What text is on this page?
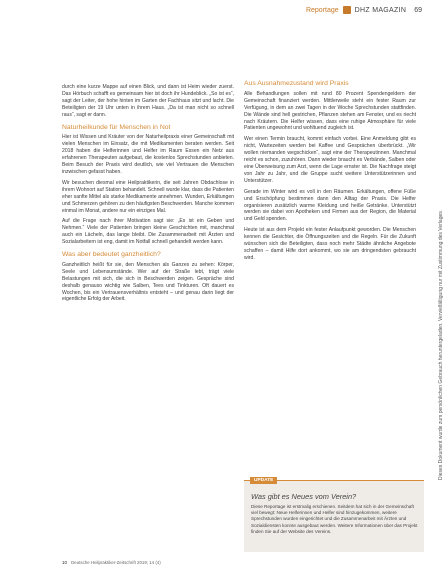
Reportage DHZ MAGAZIN 69
Dieses Dokument wurde zum persönlichen Gebrauch heruntergeladen. Vervielfältigung nur mit Zustimmung des Verlages.

durch eine kurze Mappe auf einen Blick, und dann ist Heim wieder zuerst. Das Hörbuch schafft es gemeinsam hier ist doch ihr Hundeblick. „So ist es“, sagt der Leiter, der hohe hinten im Garten der Fachhaus sitzt und lacht. Die Beteiligten der 19 Uhr unten in ihrem Haus. „Da ist man nicht so schnell raus“, sagt er dann.

Naturheilkunde für Menschen in Not

Hier ist Wissen und Kräuter von der Naturheilpraxis einer Gemeinschaft mit vielen Menschen im Einsatz, die mit Medikamenten beraten werden. Seit 2018 haben die Helferinnen und Helfer im Raum Essen ein Netz aus erfahrenen Therapeuten aufgebaut, die kostenlos Sprechstunden anbieten. Beim Besuch der Praxis wird deutlich, wie viel Vertrauen die Menschen inzwischen gefasst haben.

Wir besuchen diesmal eine Heilpraktikerin, die seit Jahren Obdachlose in ihrem Wohnort auf Station behandelt. Schnell wurde klar, dass die Patienten eher sanfte Mittel als starke Medikamente annehmen. Wunden, Erkältungen und Schmerzen gehören zu den häufigsten Beschwerden. Manche kommen einmal im Monat, andere nur ein einziges Mal.

Auf die Frage nach ihrer Motivation sagt sie: „Es ist ein Geben und Nehmen.“ Viele der Patienten bringen kleine Geschichten mit, manchmal auch ein Lächeln, das lange bleibt. Die Zusammenarbeit mit Ärzten und Sozialarbeitern ist eng, damit im Notfall schnell gehandelt werden kann.

Was aber bedeutet ganzheitlich?

Ganzheitlich heißt für sie, den Menschen als Ganzes zu sehen: Körper, Seele und Lebensumstände. Wer auf der Straße lebt, trägt viele Belastungen mit sich, die sich in Beschwerden zeigen. Gespräche sind deshalb genauso wichtig wie Salben, Tees und Tinkturen. Oft dauert es Wochen, bis ein Vertrauensverhältnis entsteht – und genau darin liegt der eigentliche Erfolg der Arbeit.

Aus Ausnahmezustand wird Praxis

Alle Behandlungen sollen mit rund 80 Prozent Spendengeldern der Gemeinschaft finanziert werden. Mittlerweile steht ein fester Raum zur Verfügung, in dem an zwei Tagen in der Woche Sprechstunden stattfinden. Die Wände sind hell gestrichen, Pflanzen stehen am Fenster, und es riecht nach Kräutern. Die Helfer wissen, dass eine ruhige Atmosphäre für viele Patienten ungewohnt und wohltuend zugleich ist.

Wer einen Termin braucht, kommt einfach vorbei. Eine Anmeldung gibt es nicht, Wartezeiten werden bei Kaffee und Gesprächen überbrückt. „Wir wollen niemanden wegschicken“, sagt eine der Therapeutinnen. Manchmal reicht es schon, zuzuhören. Dann wieder braucht es Verbände, Salben oder eine Überweisung zum Arzt, wenn die Lage ernster ist. Die Nachfrage steigt von Jahr zu Jahr, und die Gruppe sucht weitere Unterstützerinnen und Unterstützer.

Gerade im Winter wird es voll in den Räumen. Erkältungen, offene Füße und Erschöpfung bestimmen dann den Alltag der Praxis. Die Helfer organisieren zusätzlich warme Kleidung und heiße Getränke. Unterstützt werden sie dabei von Apotheken und Firmen aus der Region, die Material und Geld spenden.

Heute ist aus dem Projekt ein fester Anlaufpunkt geworden. Die Menschen kennen die Gesichter, die Öffnungszeiten und die Regeln. Für die Zukunft wünschen sich die Beteiligten, dass noch mehr Städte ähnliche Angebote schaffen – damit Hilfe dort ankommt, wo sie am dringendsten gebraucht wird.

UPDATE
Was gibt es Neues vom Verein?
Diese Reportage ist erstmalig erschienen. Seitdem hat sich in der Gemeinschaft viel bewegt: Neue Helferinnen und Helfer sind hinzugekommen, weitere Sprechstunden wurden eingerichtet und die Zusammenarbeit mit Ärzten und Sozialdiensten konnte ausgebaut werden. Weitere Informationen über das Projekt finden Sie auf der Website des Vereins.
10 Deutsche Heilpraktiker-Zeitschrift 2019; 14 (4)
